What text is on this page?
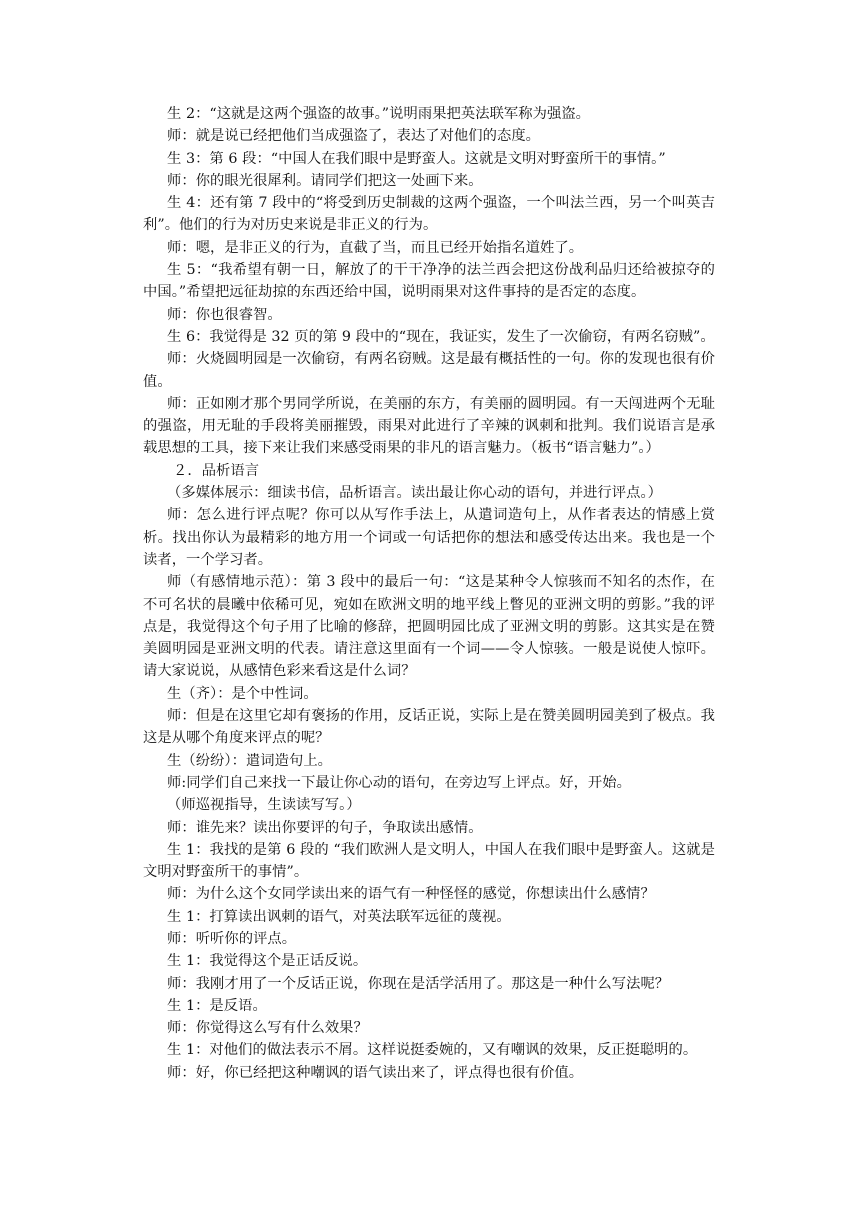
生 2：“这就是这两个强盗的故事。”说明雨果把英法联军称为强盗。

师：就是说已经把他们当成强盗了，表达了对他们的态度。

生 3：第 6 段：“中国人在我们眼中是野蛮人。这就是文明对野蛮所干的事情。”

师：你的眼光很犀利。请同学们把这一处画下来。

生 4：还有第 7 段中的“将受到历史制裁的这两个强盗，一个叫法兰西，另一个叫英吉利”。他们的行为对历史来说是非正义的行为。

师：嗯，是非正义的行为，直截了当，而且已经开始指名道姓了。

生 5：“我希望有朝一日，解放了的干干净净的法兰西会把这份战利品归还给被掠夺的中国。”希望把远征劫掠的东西还给中国，说明雨果对这件事持的是否定的态度。

师：你也很睿智。

生 6：我觉得是 32 页的第 9 段中的“现在，我证实，发生了一次偷窃，有两名窃贼”。

师：火烧圆明园是一次偷窃，有两名窃贼。这是最有概括性的一句。你的发现也很有价值。

师：正如刚才那个男同学所说，在美丽的东方，有美丽的圆明园。有一天闯进两个无耻的强盗，用无耻的手段将美丽摧毁，雨果对此进行了辛辣的讽刺和批判。我们说语言是承载思想的工具，接下来让我们来感受雨果的非凡的语言魅力。（板书“语言魅力”。）

２．品析语言

（多媒体展示：细读书信，品析语言。读出最让你心动的语句，并进行评点。）

师：怎么进行评点呢？你可以从写作手法上，从遣词造句上，从作者表达的情感上赏析。找出你认为最精彩的地方用一个词或一句话把你的想法和感受传达出来。我也是一个读者，一个学习者。

师（有感情地示范）：第 3 段中的最后一句：“这是某种令人惊骇而不知名的杰作，在不可名状的晨曦中依稀可见，宛如在欧洲文明的地平线上瞥见的亚洲文明的剪影。”我的评点是，我觉得这个句子用了比喻的修辞，把圆明园比成了亚洲文明的剪影。这其实是在赞美圆明园是亚洲文明的代表。请注意这里面有一个词——令人惊骇。一般是说使人惊吓。请大家说说，从感情色彩来看这是什么词？

生（齐）：是个中性词。

师：但是在这里它却有褒扬的作用，反话正说，实际上是在赞美圆明园美到了极点。我这是从哪个角度来评点的呢？

生（纷纷）：遣词造句上。

师:同学们自己来找一下最让你心动的语句，在旁边写上评点。好，开始。

（师巡视指导，生读读写写。）

师：谁先来？读出你要评的句子，争取读出感情。

生 1：我找的是第 6 段的 “我们欧洲人是文明人，中国人在我们眼中是野蛮人。这就是文明对野蛮所干的事情”。

师：为什么这个女同学读出来的语气有一种怪怪的感觉，你想读出什么感情？

生 1：打算读出讽刺的语气，对英法联军远征的蔑视。

师：听听你的评点。

生 1：我觉得这个是正话反说。

师：我刚才用了一个反话正说，你现在是活学活用了。那这是一种什么写法呢？

生 1：是反语。

师：你觉得这么写有什么效果？

生 1：对他们的做法表示不屑。这样说挺委婉的，又有嘲讽的效果，反正挺聪明的。

师：好，你已经把这种嘲讽的语气读出来了，评点得也很有价值。
